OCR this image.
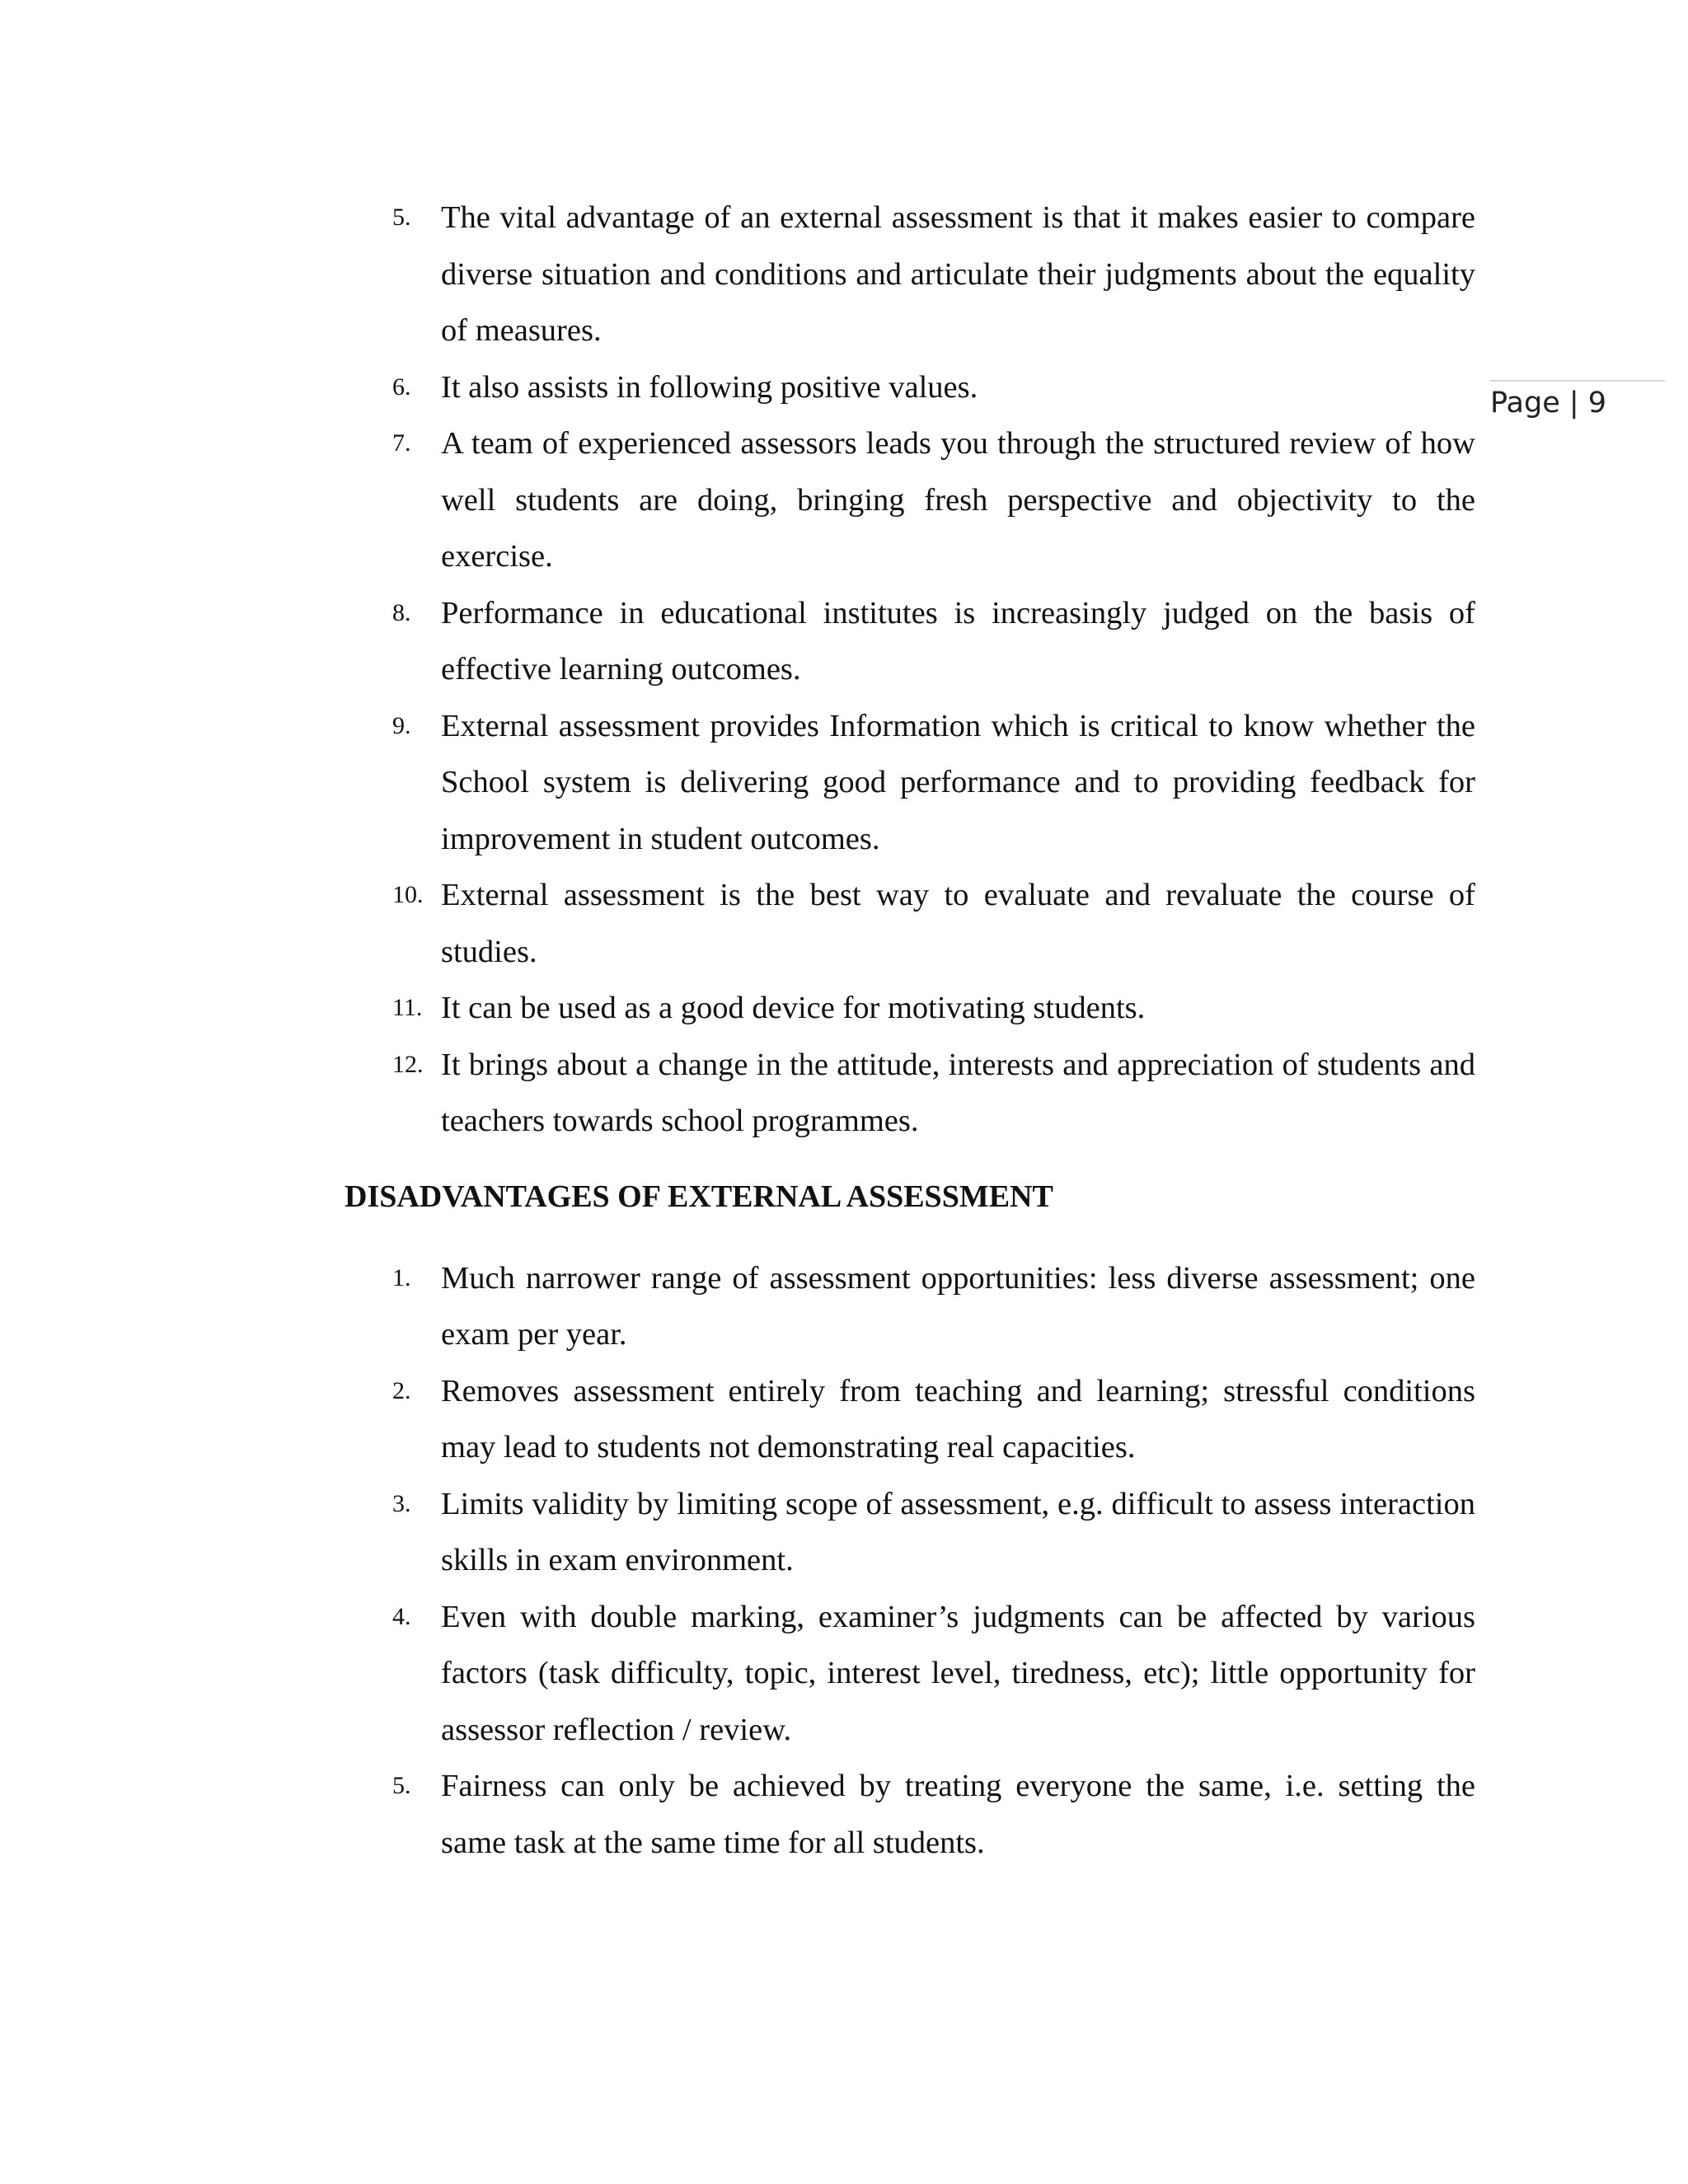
Page | 9
5. The vital advantage of an external assessment is that it makes easier to compare diverse situation and conditions and articulate their judgments about the equality of measures.
6. It also assists in following positive values.
7. A team of experienced assessors leads you through the structured review of how well students are doing, bringing fresh perspective and objectivity to the exercise.
8. Performance in educational institutes is increasingly judged on the basis of effective learning outcomes.
9. External assessment provides Information which is critical to know whether the School system is delivering good performance and to providing feedback for improvement in student outcomes.
10. External assessment is the best way to evaluate and revaluate the course of studies.
11. It can be used as a good device for motivating students.
12. It brings about a change in the attitude, interests and appreciation of students and teachers towards school programmes.
DISADVANTAGES OF EXTERNAL ASSESSMENT
1. Much narrower range of assessment opportunities: less diverse assessment; one exam per year.
2. Removes assessment entirely from teaching and learning; stressful conditions may lead to students not demonstrating real capacities.
3. Limits validity by limiting scope of assessment, e.g. difficult to assess interaction skills in exam environment.
4. Even with double marking, examiner’s judgments can be affected by various factors (task difficulty, topic, interest level, tiredness, etc); little opportunity for assessor reflection / review.
5. Fairness can only be achieved by treating everyone the same, i.e. setting the same task at the same time for all students.
